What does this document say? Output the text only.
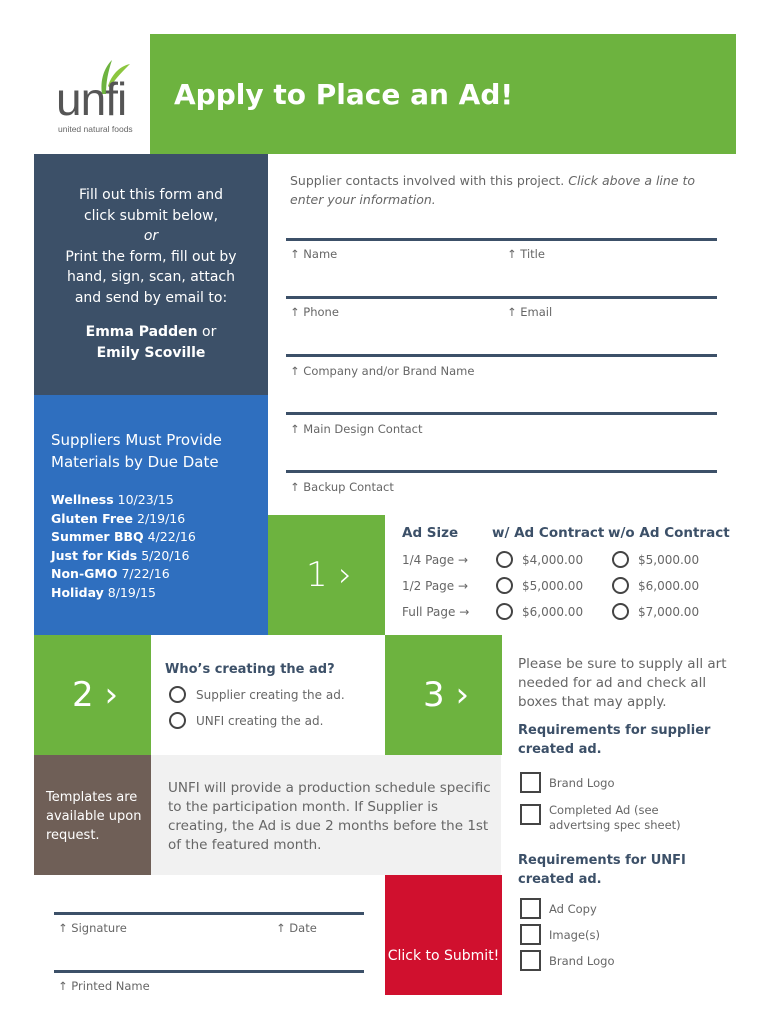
unfi
united natural foods
Apply to Place an Ad!
Fill out this form and click submit below,
or
Print the form, fill out by hand, sign, scan, attach and send by email to:
Emma Padden or
Emily Scoville
Suppliers Must Provide Materials by Due Date
Wellness 10/23/15
Gluten Free 2/19/16
Summer BBQ 4/22/16
Just for Kids 5/20/16
Non-GMO 7/22/16
Holiday 8/19/15
Supplier contacts involved with this project. Click above a line to enter your information.
↑ Name	↑ Title
↑ Phone	↑ Email
↑ Company and/or Brand Name
↑ Main Design Contact
↑ Backup Contact
1 ›
Ad Size	w/ Ad Contract w/o Ad Contract
1/4 Page →	$4,000.00	$5,000.00
1/2 Page →	$5,000.00	$6,000.00
Full Page →	$6,000.00	$7,000.00
2 ›
Who’s creating the ad?
Supplier creating the ad.
UNFI creating the ad.
3 ›
Please be sure to supply all art needed for ad and check all boxes that may apply.
Requirements for supplier created ad.
Brand Logo
Completed Ad (see advertsing spec sheet)
Requirements for UNFI created ad.
Ad Copy
Image(s)
Brand Logo
Templates are available upon request.
UNFI will provide a production schedule specific to the participation month. If Supplier is creating, the Ad is due 2 months before the 1st of the featured month.
↑ Signature	↑ Date
↑ Printed Name
Click to Submit!
